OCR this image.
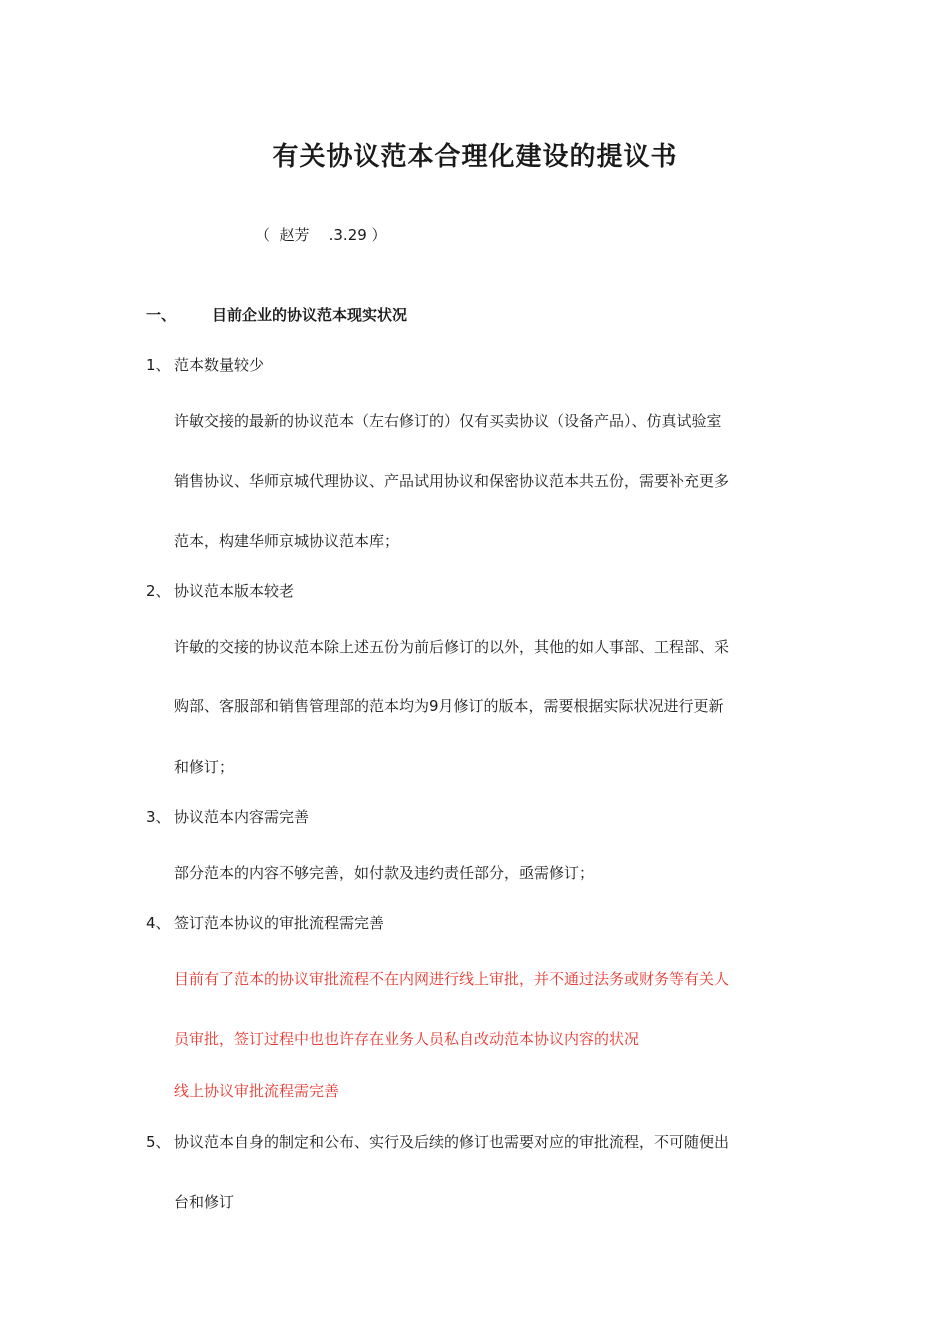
有关协议范本合理化建设的提议书
（  赵芳    .3.29 ）
一、 目前企业的协议范本现实状况
1、 范本数量较少
许敏交接的最新的协议范本（左右修订的）仅有买卖协议（设备产品）、仿真试验室
销售协议、华师京城代理协议、产品试用协议和保密协议范本共五份，需要补充更多
范本，构建华师京城协议范本库；
2、 协议范本版本较老
许敏的交接的协议范本除上述五份为前后修订的以外，其他的如人事部、工程部、采
购部、客服部和销售管理部的范本均为9月修订的版本，需要根据实际状况进行更新
和修订；
3、 协议范本内容需完善
部分范本的内容不够完善，如付款及违约责任部分，亟需修订；
4、 签订范本协议的审批流程需完善
目前有了范本的协议审批流程不在内网进行线上审批，并不通过法务或财务等有关人
员审批，签订过程中也也许存在业务人员私自改动范本协议内容的状况
线上协议审批流程需完善
5、 协议范本自身的制定和公布、实行及后续的修订也需要对应的审批流程，不可随便出
台和修订
